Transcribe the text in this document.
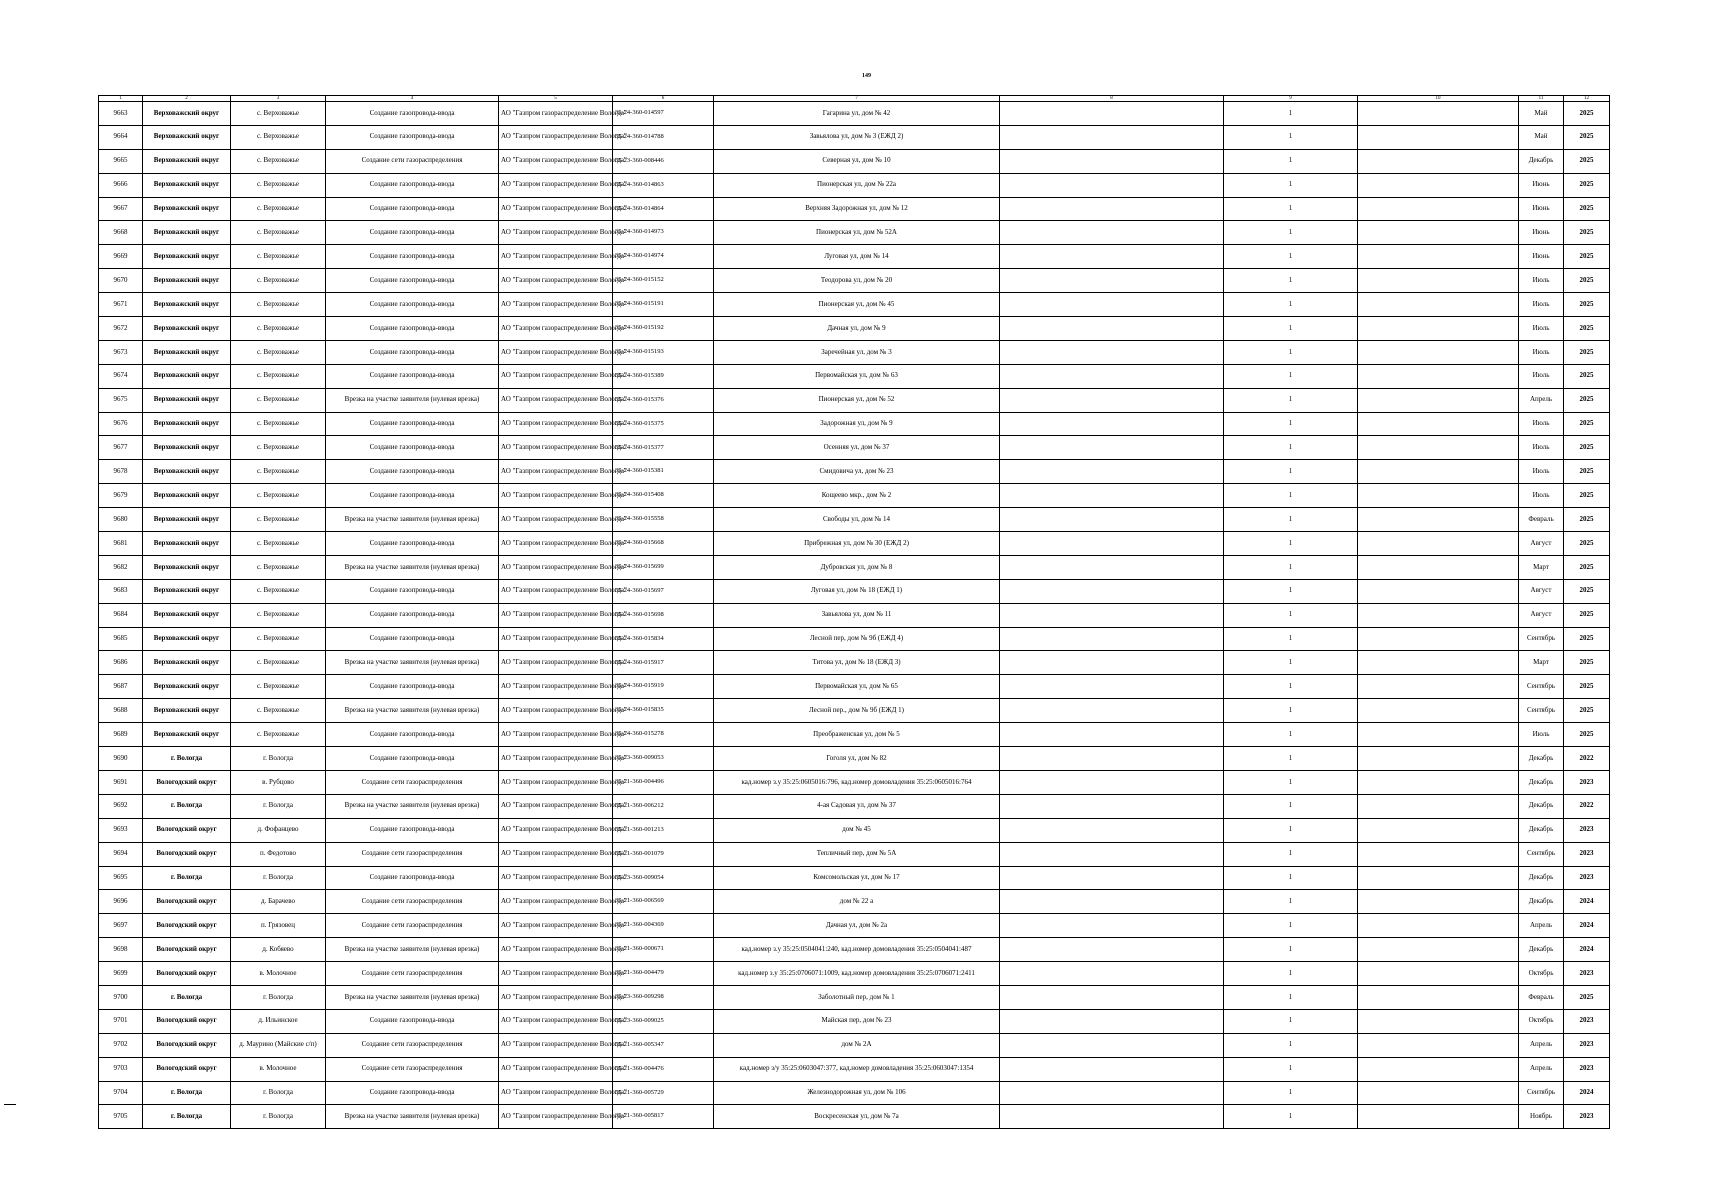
149
1	2	3	4	5	6	7	8	9	10	11	12
9663	Верховажский округ	с. Верховажье	Создание газопровода-ввода	АО "Газпром газораспределение Вологда"	35-24-360-014597	Гагарина ул, дом № 42		1		Май	2025
9664	Верховажский округ	с. Верховажье	Создание газопровода-ввода	АО "Газпром газораспределение Вологда"	35-24-360-014788	Завьялова ул, дом № 3 (ЕЖД 2)		1		Май	2025
9665	Верховажский округ	с. Верховажье	Создание сети газораспределения	АО "Газпром газораспределение Вологда"	35-23-360-008446	Северная ул, дом № 10		1		Декабрь	2025
9666	Верховажский округ	с. Верховажье	Создание газопровода-ввода	АО "Газпром газораспределение Вологда"	35-24-360-014863	Пионерская ул, дом № 22а		1		Июнь	2025
9667	Верховажский округ	с. Верховажье	Создание газопровода-ввода	АО "Газпром газораспределение Вологда"	35-24-360-014864	Верхняя Задорожная ул, дом № 12		1		Июнь	2025
9668	Верховажский округ	с. Верховажье	Создание газопровода-ввода	АО "Газпром газораспределение Вологда"	35-24-360-014973	Пионерская ул, дом № 52А		1		Июнь	2025
9669	Верховажский округ	с. Верховажье	Создание газопровода-ввода	АО "Газпром газораспределение Вологда"	35-24-360-014974	Луговая ул, дом № 14		1		Июнь	2025
9670	Верховажский округ	с. Верховажье	Создание газопровода-ввода	АО "Газпром газораспределение Вологда"	35-24-360-015152	Теодорова ул, дом № 20		1		Июль	2025
9671	Верховажский округ	с. Верховажье	Создание газопровода-ввода	АО "Газпром газораспределение Вологда"	35-24-360-015191	Пионерская ул, дом № 45		1		Июль	2025
9672	Верховажский округ	с. Верховажье	Создание газопровода-ввода	АО "Газпром газораспределение Вологда"	35-24-360-015192	Дачная ул, дом № 9		1		Июль	2025
9673	Верховажский округ	с. Верховажье	Создание газопровода-ввода	АО "Газпром газораспределение Вологда"	35-24-360-015193	Заречейная ул, дом № 3		1		Июль	2025
9674	Верховажский округ	с. Верховажье	Создание газопровода-ввода	АО "Газпром газораспределение Вологда"	35-24-360-015389	Первомайская ул, дом № 63		1		Июль	2025
9675	Верховажский округ	с. Верховажье	Врезка на участке заявителя (нулевая врезка)	АО "Газпром газораспределение Вологда"	35-24-360-015376	Пионерская ул, дом № 52		1		Апрель	2025
9676	Верховажский округ	с. Верховажье	Создание газопровода-ввода	АО "Газпром газораспределение Вологда"	35-24-360-015375	Задорожная ул, дом № 9		1		Июль	2025
9677	Верховажский округ	с. Верховажье	Создание газопровода-ввода	АО "Газпром газораспределение Вологда"	35-24-360-015377	Осенняя ул, дом № 37		1		Июль	2025
9678	Верховажский округ	с. Верховажье	Создание газопровода-ввода	АО "Газпром газораспределение Вологда"	35-24-360-015381	Смидовича ул, дом № 23		1		Июль	2025
9679	Верховажский округ	с. Верховажье	Создание газопровода-ввода	АО "Газпром газораспределение Вологда"	35-24-360-015408	Кощеево мкр., дом № 2		1		Июль	2025
9680	Верховажский округ	с. Верховажье	Врезка на участке заявителя (нулевая врезка)	АО "Газпром газораспределение Вологда"	35-24-360-015558	Свободы ул, дом № 14		1		Февраль	2025
9681	Верховажский округ	с. Верховажье	Создание газопровода-ввода	АО "Газпром газораспределение Вологда"	35-24-360-015668	Прибрежная ул, дом № 30 (ЕЖД 2)		1		Август	2025
9682	Верховажский округ	с. Верховажье	Врезка на участке заявителя (нулевая врезка)	АО "Газпром газораспределение Вологда"	35-24-360-015699	Дубровская ул, дом № 8		1		Март	2025
9683	Верховажский округ	с. Верховажье	Создание газопровода-ввода	АО "Газпром газораспределение Вологда"	35-24-360-015697	Луговая ул, дом № 18 (ЕЖД 1)		1		Август	2025
9684	Верховажский округ	с. Верховажье	Создание газопровода-ввода	АО "Газпром газораспределение Вологда"	35-24-360-015698	Завьялова ул, дом № 11		1		Август	2025
9685	Верховажский округ	с. Верховажье	Создание газопровода-ввода	АО "Газпром газораспределение Вологда"	35-24-360-015834	Лесной пер, дом № 9б (ЕЖД 4)		1		Сентябрь	2025
9686	Верховажский округ	с. Верховажье	Врезка на участке заявителя (нулевая врезка)	АО "Газпром газораспределение Вологда"	35-24-360-015917	Титова ул, дом № 18 (ЕЖД 3)		1		Март	2025
9687	Верховажский округ	с. Верховажье	Создание газопровода-ввода	АО "Газпром газораспределение Вологда"	35-24-360-015919	Первомайская ул, дом № 65		1		Сентябрь	2025
9688	Верховажский округ	с. Верховажье	Врезка на участке заявителя (нулевая врезка)	АО "Газпром газораспределение Вологда"	35-24-360-015835	Лесной пер., дом № 9б (ЕЖД 1)		1		Сентябрь	2025
9689	Верховажский округ	с. Верховажье	Создание газопровода-ввода	АО "Газпром газораспределение Вологда"	35-24-360-015278	Преображенская ул, дом № 5		1		Июль	2025
9690	г. Вологда	г. Вологда	Создание газопровода-ввода	АО "Газпром газораспределение Вологда"	35-23-360-009053	Гоголя ул, дом № 82		1		Декабрь	2022
9691	Вологодский округ	в. Рубцово	Создание сети газораспределения	АО "Газпром газораспределение Вологда"	35-21-360-004496	кад.номер з.у 35:25:0605016:796, кад.номер домовладения 35:25:0605016:764		1		Декабрь	2023
9692	г. Вологда	г. Вологда	Врезка на участке заявителя (нулевая врезка)	АО "Газпром газораспределение Вологда"	35-21-360-006212	4-ая Садовая ул, дом № 37		1		Декабрь	2022
9693	Вологодский округ	д. Фофанцево	Создание газопровода-ввода	АО "Газпром газораспределение Вологда"	35-21-360-001213	дом № 45		1		Декабрь	2023
9694	Вологодский округ	п. Федотово	Создание сети газораспределения	АО "Газпром газораспределение Вологда"	35-21-360-001079	Тепличный пер, дом № 5А		1		Сентябрь	2023
9695	г. Вологда	г. Вологда	Создание газопровода-ввода	АО "Газпром газораспределение Вологда"	35-23-360-009054	Комсомольская ул, дом № 17		1		Декабрь	2023
9696	Вологодский округ	д. Барачево	Создание сети газораспределения	АО "Газпром газораспределение Вологда"	35-21-360-006569	дом № 22 а		1		Декабрь	2024
9697	Вологодский округ	п. Грязовец	Создание сети газораспределения	АО "Газпром газораспределение Вологда"	35-21-360-004369	Дачная ул, дом № 2а		1		Апрель	2024
9698	Вологодский округ	д. Кобяево	Врезка на участке заявителя (нулевая врезка)	АО "Газпром газораспределение Вологда"	35-21-360-000671	кад.номер з.у 35:25:0504041:240, кад.номер домовладения 35:25:0504041:487		1		Декабрь	2024
9699	Вологодский округ	в. Молочное	Создание сети газораспределения	АО "Газпром газораспределение Вологда"	35-21-360-004479	кад.номер з.у 35:25:0706071:1009, кад.номер домовладения 35:25:0706071:2411		1		Октябрь	2023
9700	г. Вологда	г. Вологда	Врезка на участке заявителя (нулевая врезка)	АО "Газпром газораспределение Вологда"	35-23-360-009298	Заболотный пер, дом № 1		1		Февраль	2025
9701	Вологодский округ	д. Ильинское	Создание газопровода-ввода	АО "Газпром газораспределение Вологда"	35-23-360-009025	Майская пер, дом № 23		1		Октябрь	2023
9702	Вологодский округ	д. Маурино (Майские с/п)	Создание сети газораспределения	АО "Газпром газораспределение Вологда"	35-21-360-005347	дом № 2А		1		Апрель	2023
9703	Вологодский округ	в. Молочное	Создание сети газораспределения	АО "Газпром газораспределение Вологда"	35-21-360-004476	кад.номер з/у 35:25:0603047:377, кад.номер домовладения 35:25:0603047:1354		1		Апрель	2023
9704	г. Вологда	г. Вологда	Создание газопровода-ввода	АО "Газпром газораспределение Вологда"	35-21-360-005729	Железнодорожная ул, дом № 106		1		Сентябрь	2024
9705	г. Вологда	г. Вологда	Врезка на участке заявителя (нулевая врезка)	АО "Газпром газораспределение Вологда"	35-21-360-005817	Воскресенская ул, дом № 7а		1		Ноябрь	2023
